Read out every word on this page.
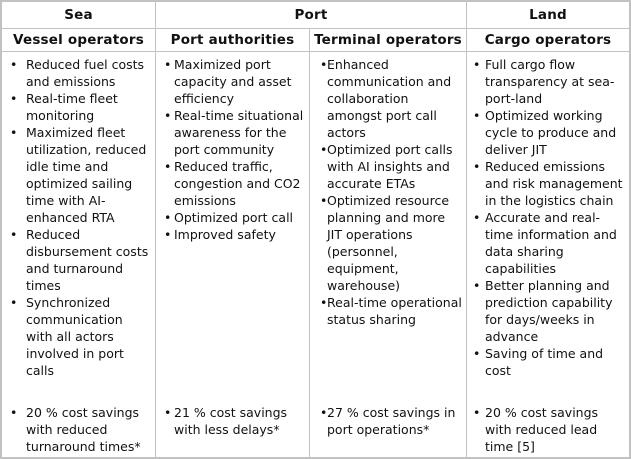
Sea	Port	Land
Vessel operators Port authorities Terminal operators Cargo operators
• Reduced fuel costs and emissions
• Real-time fleet monitoring
• Maximized fleet utilization, reduced idle time and optimized sailing time with AI-enhanced RTA
• Reduced disbursement costs and turnaround times
• Synchronized communication with all actors involved in port calls
• Maximized port capacity and asset efficiency
• Real-time situational awareness for the port community
• Reduced traffic, congestion and CO2 emissions
• Optimized port call
• Improved safety
• Enhanced communication and collaboration amongst port call actors
• Optimized port calls with AI insights and accurate ETAs
• Optimized resource planning and more JIT operations (personnel, equipment, warehouse)
• Real-time operational status sharing
• Full cargo flow transparency at sea-port-land
• Optimized working cycle to produce and deliver JIT
• Reduced emissions and risk management in the logistics chain
• Accurate and real-time information and data sharing capabilities
• Better planning and prediction capability for days/weeks in advance
• Saving of time and cost
• 20 % cost savings with reduced turnaround times*
• 21 % cost savings with less delays*
• 27 % cost savings in port operations*
• 20 % cost savings with reduced lead time [5]
